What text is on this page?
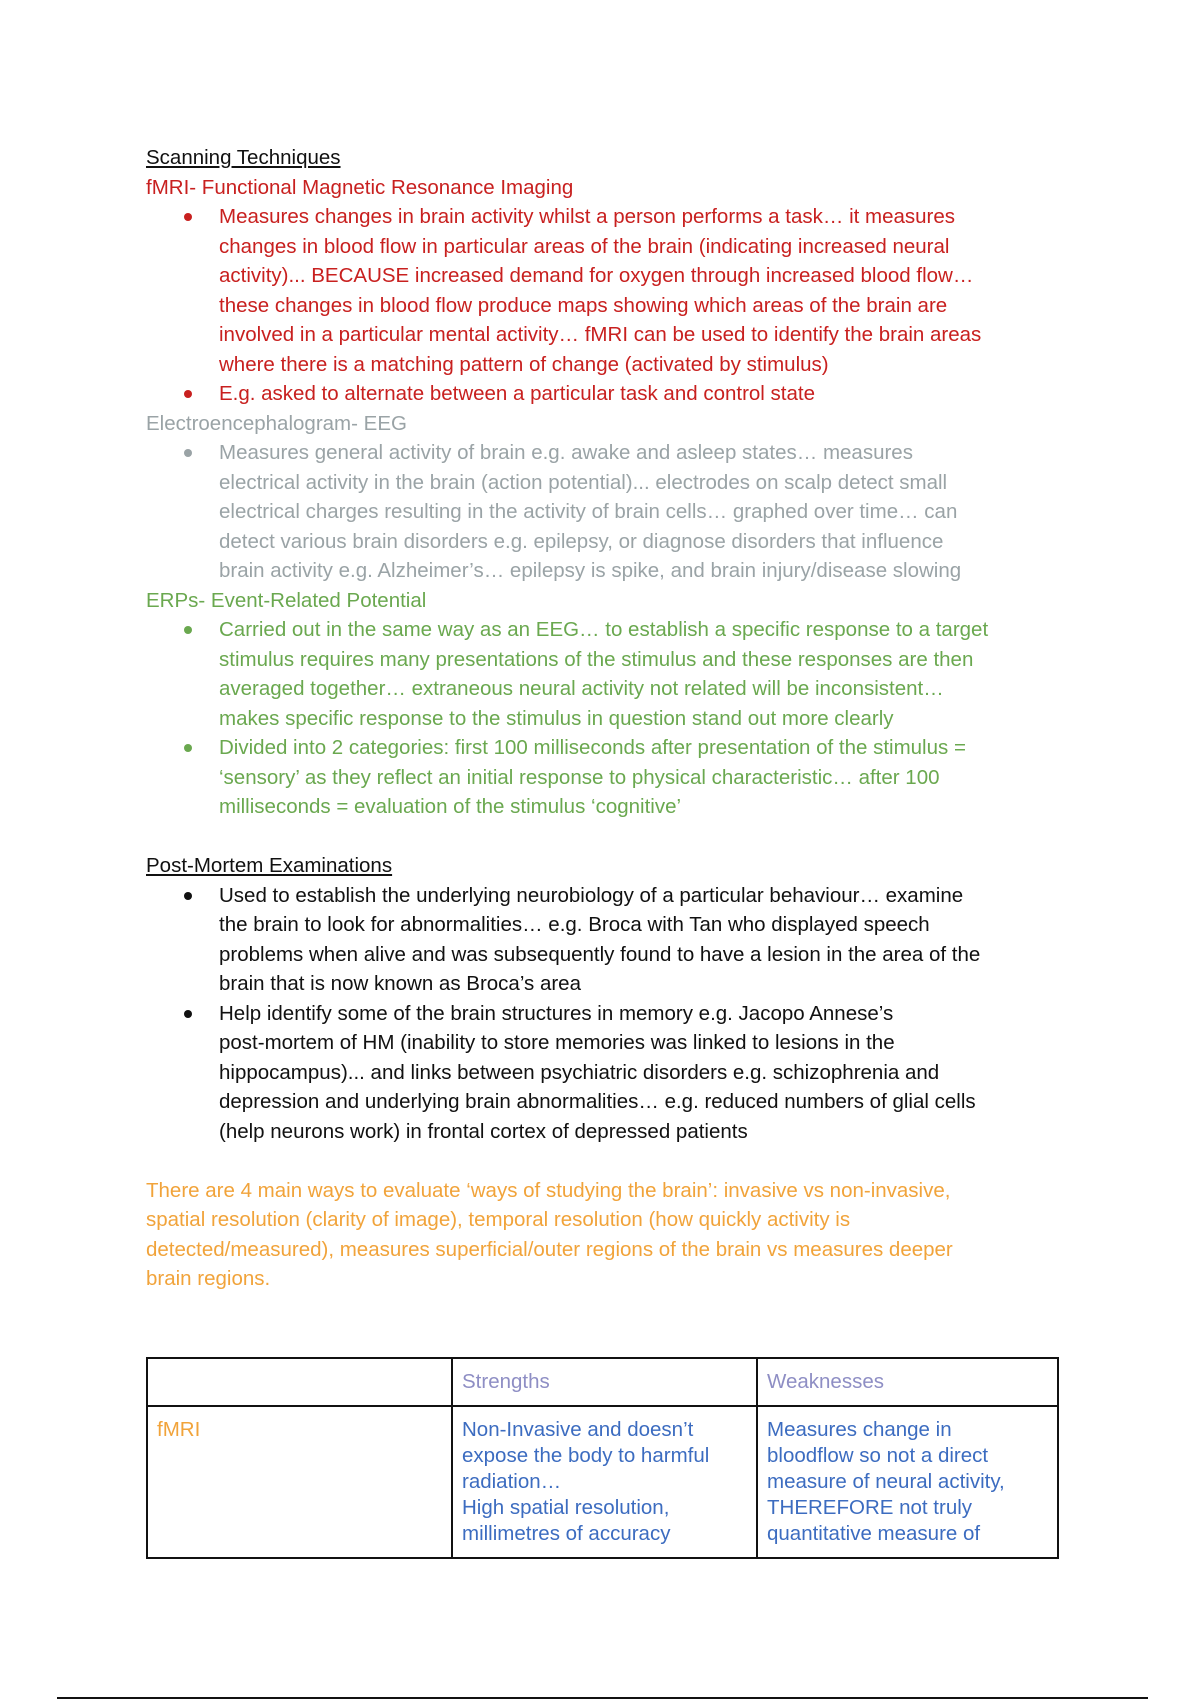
Scanning Techniques
fMRI- Functional Magnetic Resonance Imaging
Measures changes in brain activity whilst a person performs a task… it measures
changes in blood flow in particular areas of the brain (indicating increased neural
activity)... BECAUSE increased demand for oxygen through increased blood flow…
these changes in blood flow produce maps showing which areas of the brain are
involved in a particular mental activity… fMRI can be used to identify the brain areas
where there is a matching pattern of change (activated by stimulus)
E.g. asked to alternate between a particular task and control state
Electroencephalogram- EEG
Measures general activity of brain e.g. awake and asleep states… measures
electrical activity in the brain (action potential)... electrodes on scalp detect small
electrical charges resulting in the activity of brain cells… graphed over time… can
detect various brain disorders e.g. epilepsy, or diagnose disorders that influence
brain activity e.g. Alzheimer’s… epilepsy is spike, and brain injury/disease slowing
ERPs- Event-Related Potential
Carried out in the same way as an EEG… to establish a specific response to a target
stimulus requires many presentations of the stimulus and these responses are then
averaged together… extraneous neural activity not related will be inconsistent…
makes specific response to the stimulus in question stand out more clearly
Divided into 2 categories: first 100 milliseconds after presentation of the stimulus =
‘sensory’ as they reflect an initial response to physical characteristic… after 100
milliseconds = evaluation of the stimulus ‘cognitive’
Post-Mortem Examinations
Used to establish the underlying neurobiology of a particular behaviour… examine
the brain to look for abnormalities… e.g. Broca with Tan who displayed speech
problems when alive and was subsequently found to have a lesion in the area of the
brain that is now known as Broca’s area
Help identify some of the brain structures in memory e.g. Jacopo Annese’s
post-mortem of HM (inability to store memories was linked to lesions in the
hippocampus)... and links between psychiatric disorders e.g. schizophrenia and
depression and underlying brain abnormalities… e.g. reduced numbers of glial cells
(help neurons work) in frontal cortex of depressed patients
There are 4 main ways to evaluate ‘ways of studying the brain’: invasive vs non-invasive,
spatial resolution (clarity of image), temporal resolution (how quickly activity is
detected/measured), measures superficial/outer regions of the brain vs measures deeper
brain regions.
	Strengths	Weaknesses
fMRI	Non-Invasive and doesn’t
expose the body to harmful
radiation…
High spatial resolution,
millimetres of accuracy	Measures change in
bloodflow so not a direct
measure of neural activity,
THEREFORE not truly
quantitative measure of
